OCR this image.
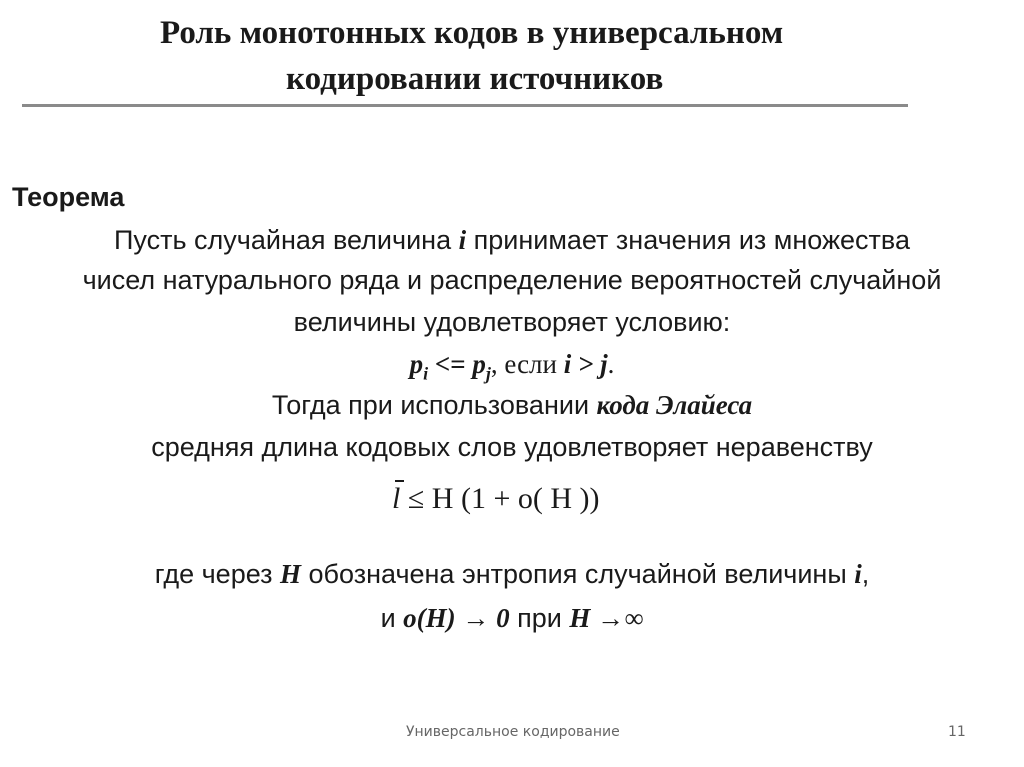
Роль монотонных кодов в универсальном
кодировании источников
Теорема
Пусть случайная величина i принимает значения из множества
чисел натурального ряда и распределение вероятностей случайной
величины удовлетворяет условию:
$p_i <= p_j$, если i > j.
Тогда при использовании кода Элайеса
средняя длина кодовых слов удовлетворяет неравенству
l ≤ H (1 + o( H ))
где через H обозначена энтропия случайной величины i,
и o(H) → 0 при H →∞
Универсальное кодирование	11
